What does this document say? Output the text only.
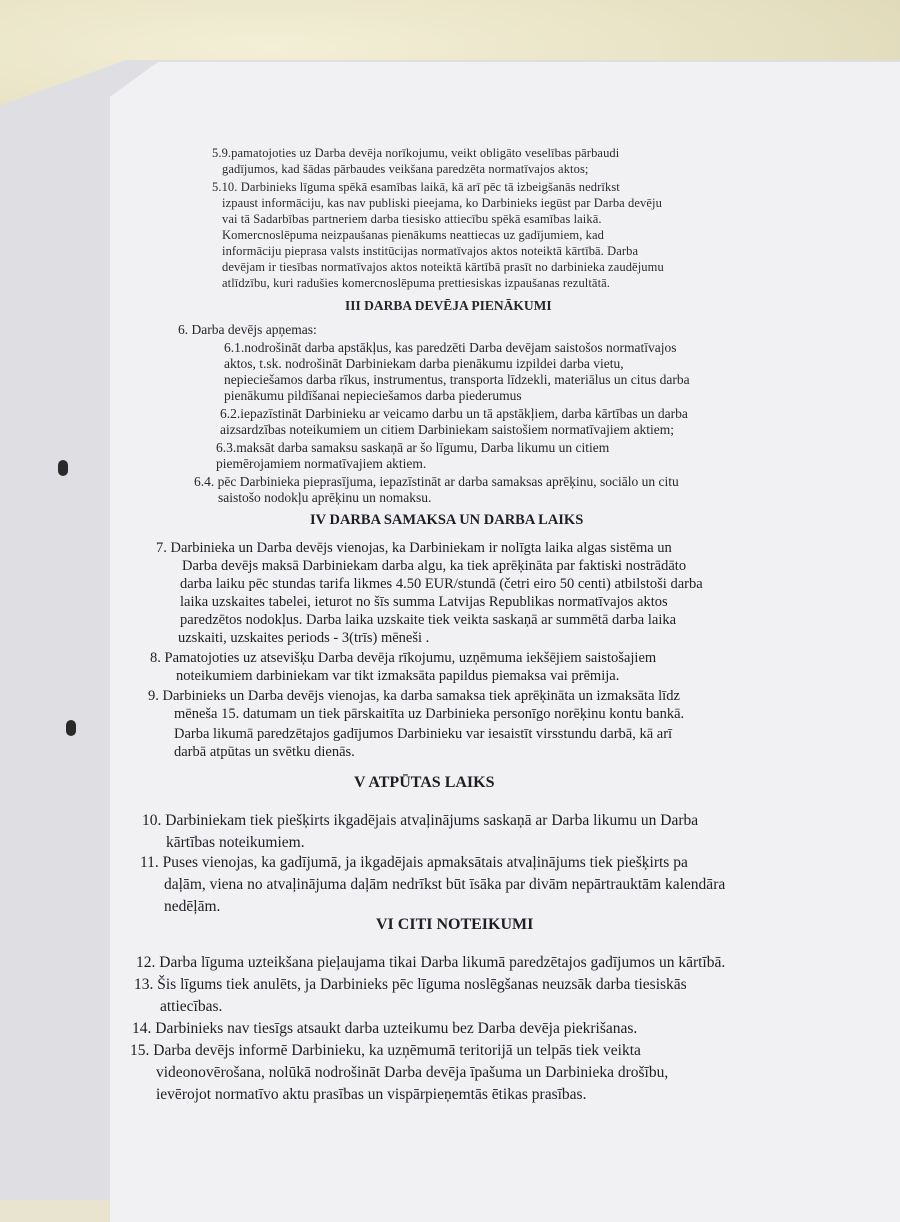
5.9.pamatojoties uz Darba devēja norīkojumu, veikt obligāto veselības pārbaudi
gadījumos, kad šādas pārbaudes veikšana paredzēta normatīvajos aktos;
5.10. Darbinieks līguma spēkā esamības laikā, kā arī pēc tā izbeigšanās nedrīkst
izpaust informāciju, kas nav publiski pieejama, ko Darbinieks iegūst par Darba devēju
vai tā Sadarbības partneriem darba tiesisko attiecību spēkā esamības laikā.
Komercnoslēpuma neizpaušanas pienākums neattiecas uz gadījumiem, kad
informāciju pieprasa valsts institūcijas normatīvajos aktos noteiktā kārtībā. Darba
devējam ir tiesības normatīvajos aktos noteiktā kārtībā prasīt no darbinieka zaudējumu
atlīdzību, kuri radušies komercnoslēpuma prettiesiskas izpaušanas rezultātā.
III DARBA DEVĒJA PIENĀKUMI
6. Darba devējs apņemas:
6.1.nodrošināt darba apstākļus, kas paredzēti Darba devējam saistošos normatīvajos
aktos, t.sk. nodrošināt Darbiniekam darba pienākumu izpildei darba vietu,
nepieciešamos darba rīkus, instrumentus, transporta līdzekli, materiālus un citus darba
pienākumu pildīšanai nepieciešamos darba piederumus
6.2.iepazīstināt Darbinieku ar veicamo darbu un tā apstākļiem, darba kārtības un darba
aizsardzības noteikumiem un citiem Darbiniekam saistošiem normatīvajiem aktiem;
6.3.maksāt darba samaksu saskaņā ar šo līgumu, Darba likumu un citiem
piemērojamiem normatīvajiem aktiem.
6.4. pēc Darbinieka pieprasījuma, iepazīstināt ar darba samaksas aprēķinu, sociālo un citu
saistošo nodokļu aprēķinu un nomaksu.
IV DARBA SAMAKSA UN DARBA LAIKS
7. Darbinieka un Darba devējs vienojas, ka Darbiniekam ir nolīgta laika algas sistēma un
Darba devējs maksā Darbiniekam darba algu, ka tiek aprēķināta par faktiski nostrādāto
darba laiku pēc stundas tarifa likmes 4.50 EUR/stundā (četri eiro 50 centi) atbilstoši darba
laika uzskaites tabelei, ieturot no šīs summa Latvijas Republikas normatīvajos aktos
paredzētos nodokļus. Darba laika uzskaite tiek veikta saskaņā ar summētā darba laika
uzskaiti, uzskaites periods - 3(trīs) mēneši .
8. Pamatojoties uz atsevišķu Darba devēja rīkojumu, uzņēmuma iekšējiem saistošajiem
noteikumiem darbiniekam var tikt izmaksāta papildus piemaksa vai prēmija.
9. Darbinieks un Darba devējs vienojas, ka darba samaksa tiek aprēķināta un izmaksāta līdz
mēneša 15. datumam un tiek pārskaitīta uz Darbinieka personīgo norēķinu kontu bankā.
Darba likumā paredzētajos gadījumos Darbinieku var iesaistīt virsstundu darbā, kā arī
darbā atpūtas un svētku dienās.
V ATPŪTAS LAIKS
10. Darbiniekam tiek piešķirts ikgadējais atvaļinājums saskaņā ar Darba likumu un Darba
kārtības noteikumiem.
11. Puses vienojas, ka gadījumā, ja ikgadējais apmaksātais atvaļinājums tiek piešķirts pa
daļām, viena no atvaļinājuma daļām nedrīkst būt īsāka par divām nepārtrauktām kalendāra
nedēļām.
VI CITI NOTEIKUMI
12. Darba līguma uzteikšana pieļaujama tikai Darba likumā paredzētajos gadījumos un kārtībā.
13. Šis līgums tiek anulēts, ja Darbinieks pēc līguma noslēgšanas neuzsāk darba tiesiskās
attiecības.
14. Darbinieks nav tiesīgs atsaukt darba uzteikumu bez Darba devēja piekrišanas.
15. Darba devējs informē Darbinieku, ka uzņēmumā teritorijā un telpās tiek veikta
videonovērošana, nolūkā nodrošināt Darba devēja īpašuma un Darbinieka drošību,
ievērojot normatīvo aktu prasības un vispārpieņemtās ētikas prasības.
